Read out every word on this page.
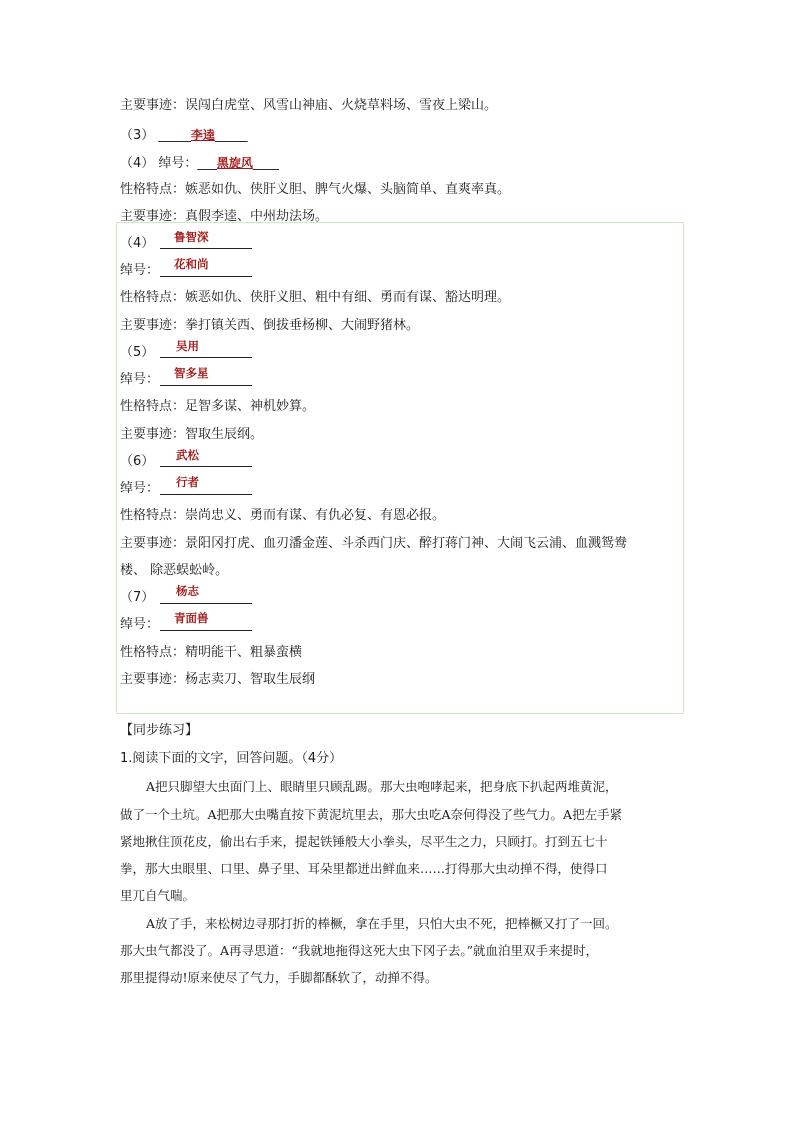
主要事迹：误闯白虎堂、风雪山神庙、火烧草料场、雪夜上梁山。
（3） _____李逵_____
（4） 绰号：___黑旋风____
性格特点：嫉恶如仇、侠肝义胆、脾气火爆、头脑简单、直爽率真。
主要事迹：真假李逵、中州劫法场。
（4） 鲁智深
绰号： 花和尚
性格特点：嫉恶如仇、侠肝义胆、粗中有细、勇而有谋、豁达明理。
主要事迹：拳打镇关西、倒拔垂杨柳、大闹野猪林。
（5） 吴用
绰号： 智多星
性格特点：足智多谋、神机妙算。
主要事迹：智取生辰纲。
（6） 武松
绰号： 行者
性格特点：崇尚忠义、勇而有谋、有仇必复、有恩必报。
主要事迹：景阳冈打虎、血刃潘金莲、斗杀西门庆、醉打蒋门神、大闹飞云浦、血溅鸳鸯
楼、 除恶蜈蚣岭。
（7） 杨志
绰号： 青面兽
性格特点：精明能干、粗暴蛮横
主要事迹：杨志卖刀、智取生辰纲
【同步练习】
1.阅读下面的文字，回答问题。（4分）
A把只脚望大虫面门上、眼睛里只顾乱踢。那大虫咆哮起来，把身底下扒起两堆黄泥，
做了一个土坑。A把那大虫嘴直按下黄泥坑里去，那大虫吃A奈何得没了些气力。A把左手紧
紧地揪住顶花皮，偷出右手来，提起铁锤般大小拳头，尽平生之力，只顾打。打到五七十
拳，那大虫眼里、口里、鼻子里、耳朵里都迸出鲜血来……打得那大虫动掸不得，使得口
里兀自气喘。
A放了手，来松树边寻那打折的棒橛，拿在手里，只怕大虫不死，把棒橛又打了一回。
那大虫气都没了。A再寻思道：“我就地拖得这死大虫下冈子去。”就血泊里双手来提时，
那里提得动!原来使尽了气力，手脚都酥软了，动掸不得。
